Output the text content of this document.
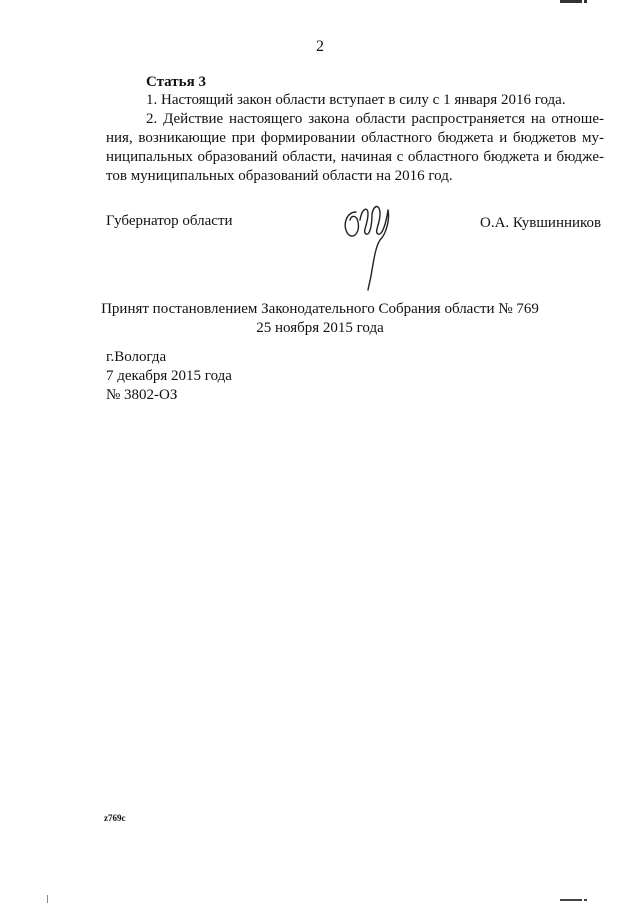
2
Статья 3
1. Настоящий закон области вступает в силу с 1 января 2016 года.
2. Действие настоящего закона области распространяется на отноше-ния, возникающие при формировании областного бюджета и бюджетов му-ниципальных образований области, начиная с областного бюджета и бюдже-тов муниципальных образований области на 2016 год.
Губернатор области	О.А. Кувшинников
Принят постановлением Законодательного Собрания области № 769
25 ноября 2015 года
г.Вологда
7 декабря 2015 года
№ 3802-ОЗ
z769c
